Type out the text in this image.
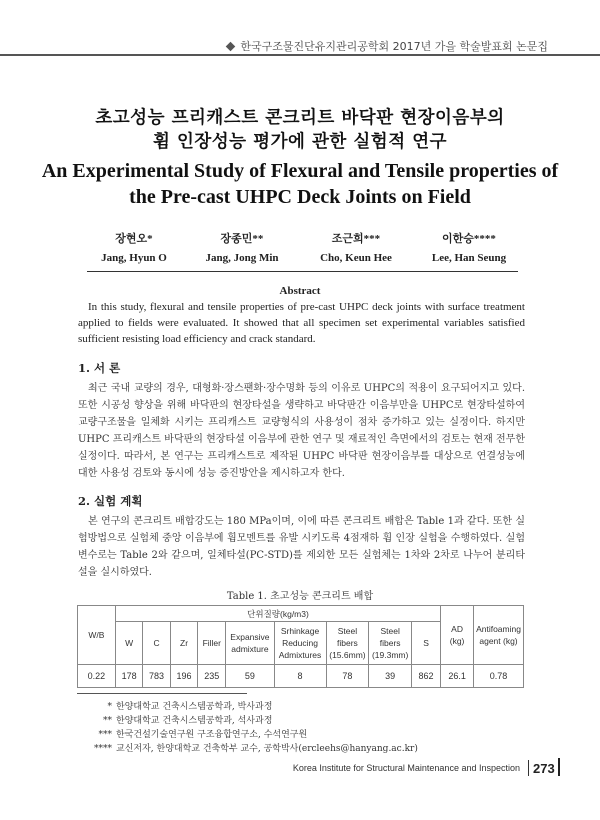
한국구조물진단유지관리공학회 2017년 가을 학술발표회 논문집
초고성능 프리캐스트 콘크리트 바닥판 현장이음부의
휨 인장성능 평가에 관한 실험적 연구
An Experimental Study of Flexural and Tensile properties of
the Pre-cast UHPC Deck Joints on Field
장현오*
Jang, Hyun O
장종민**
Jang, Jong Min
조근희***
Cho, Keun Hee
이한승****
Lee, Han Seung
Abstract
In this study, flexural and tensile properties of pre-cast UHPC deck joints with surface treatment applied to fields were evaluated. It showed that all specimen set experimental variables satisfied sufficient resisting load efficiency and crack standard.
1. 서 론
최근 국내 교량의 경우, 대형화·장스팬화·장수명화 등의 이유로 UHPC의 적용이 요구되어지고 있다. 또한 시공성 향상을 위해 바닥판의 현장타설을 생략하고 바닥판간 이음부만을 UHPC로 현장타설하여 교량구조물을 일체화 시키는 프리캐스트 교량형식의 사용성이 점차 증가하고 있는 실정이다. 하지만 UHPC 프리캐스트 바닥판의 현장타설 이음부에 관한 연구 및 재료적인 측면에서의 검토는 현재 전무한 실정이다. 따라서, 본 연구는 프리캐스트로 제작된 UHPC 바닥판 현장이음부를 대상으로 연결성능에 대한 사용성 검토와 동시에 성능 증진방안을 제시하고자 한다.
2. 실험 계획
본 연구의 콘크리트 배합강도는 180 MPa이며, 이에 따른 콘크리트 배합은 Table 1과 같다. 또한 실험방법으로 실험체 중앙 이음부에 휨모멘트를 유발 시키도록 4점재하 휨 인장 실험을 수행하였다. 실험변수로는 Table 2와 같으며, 일체타설(PC-STD)를 제외한 모든 실험체는 1차와 2차로 나누어 분리타설을 실시하였다.
Table 1. 초고성능 콘크리트 배합
W/B	단위질량(kg/m3)									AD (kg)	Antifoaming agent (kg)
	W	C	Zr	Filler	Expansive admixture	Srhinkage Reducing Admixtures	Steel fibers (15.6mm)	Steel fibers (19.3mm)	S		
0.22	178	783	196	235	59	8	78	39	862	26.1	0.78
* 한양대학교 건축시스템공학과, 박사과정
** 한양대학교 건축시스템공학과, 석사과정
*** 한국건설기술연구원 구조융합연구소, 수석연구원
**** 교신저자, 한양대학교 건축학부 교수, 공학박사(ercleehs@hanyang.ac.kr)
Korea Institute for Structural Maintenance and Inspection 273
